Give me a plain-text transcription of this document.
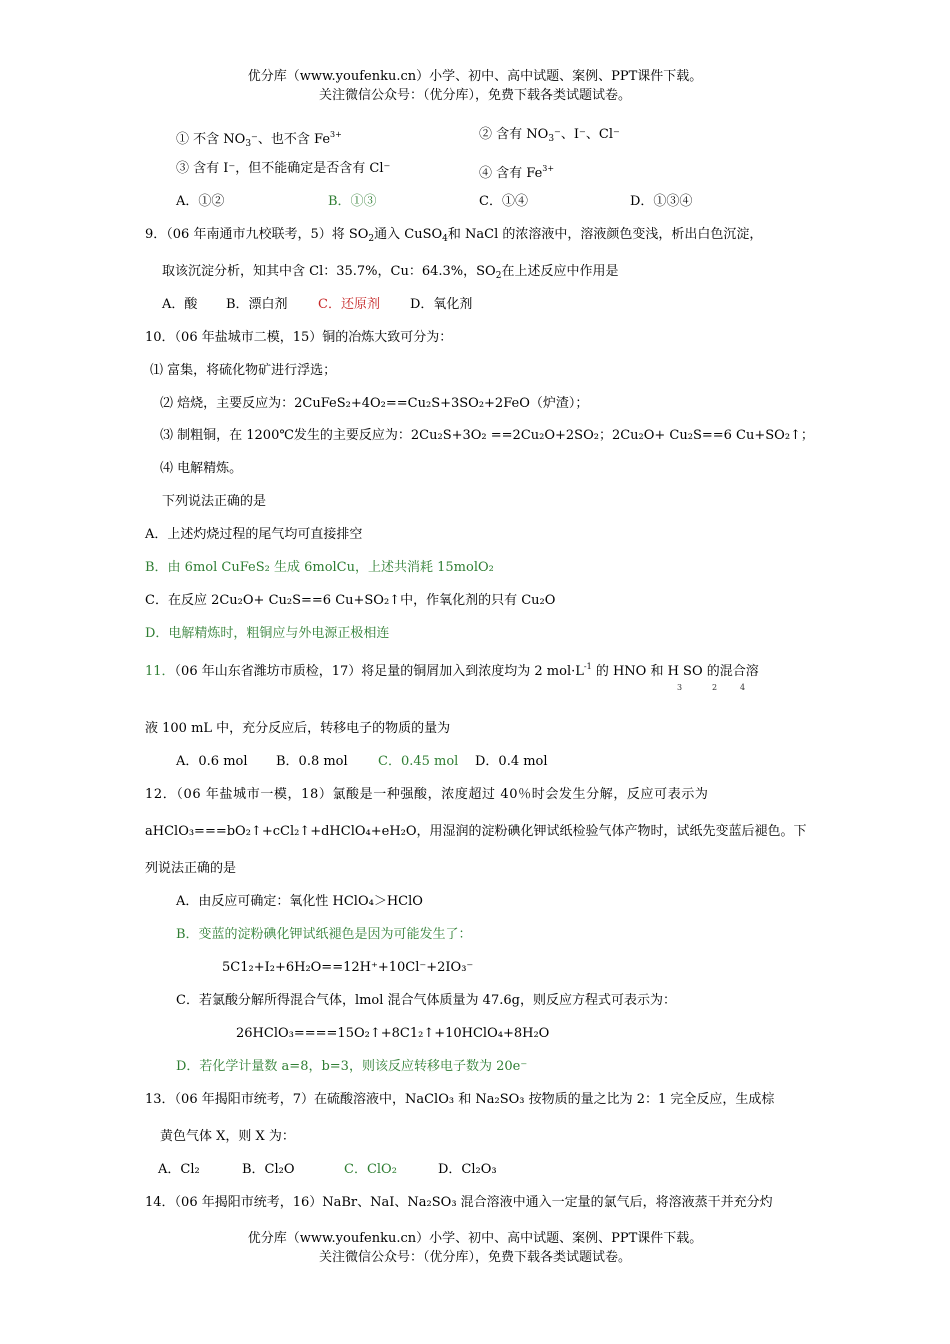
优分库（www.youfenku.cn）小学、初中、高中试题、案例、PPT课件下载。
关注微信公众号：（优分库），免费下载各类试题试卷。
① 不含 $NO_3^-$、也不含 $Fe^{3+}$	② 含有 $NO_3^-$、I⁻、Cl⁻
③ 含有 I⁻，但不能确定是否含有 Cl⁻	④ 含有 $Fe^{3+}$
A．①②	B．①③	C．①④	D．①③④
9．（06 年南通市九校联考，5）将 $SO_2$通入 CuSO$_4$和 NaCl 的浓溶液中，溶液颜色变浅，析出白色沉淀，
取该沉淀分析，知其中含 Cl：35.7%，Cu：64.3%，$SO_2$在上述反应中作用是
A．酸 B．漂白剂 C．还原剂 D．氧化剂
10．（06 年盐城市二模，15）铜的冶炼大致可分为：
⑴ 富集，将硫化物矿进行浮选；
⑵ 焙烧，主要反应为：2CuFeS₂+4O₂==Cu₂S+3SO₂+2FeO（炉渣）；
⑶ 制粗铜，在 1200℃发生的主要反应为：2Cu₂S+3O₂ ==2Cu₂O+2SO₂；2Cu₂O+ Cu₂S==6 Cu+SO₂↑；
⑷ 电解精炼。
下列说法正确的是
A．上述灼烧过程的尾气均可直接排空
B．由 6mol CuFeS₂ 生成 6molCu，上述共消耗 15molO₂
C．在反应 2Cu₂O+ Cu₂S==6 Cu+SO₂↑中，作氧化剂的只有 Cu₂O
D．电解精炼时，粗铜应与外电源正极相连
11．（06 年山东省潍坊市质检，17）将足量的铜屑加入到浓度均为 2 $mol\cdot L^{-1}$ 的 HNO 和 H SO 的混合溶
3	2	4
液 100 mL 中，充分反应后，转移电子的物质的量为
A．0.6 mol B．0.8 mol C．0.45 mol D．0.4 mol
12．（06 年盐城市一模，18）氯酸是一种强酸，浓度超过 40％时会发生分解，反应可表示为
aHClO₃===bO₂↑+cCl₂↑+dHClO₄+eH₂O，用湿润的淀粉碘化钾试纸检验气体产物时，试纸先变蓝后褪色。下
列说法正确的是
A．由反应可确定：氧化性 HClO₄＞HClO
B．变蓝的淀粉碘化钾试纸褪色是因为可能发生了：
5C1₂+I₂+6H₂O==12H⁺+10Cl⁻+2IO₃⁻
C．若氯酸分解所得混合气体，lmol 混合气体质量为 47.6g，则反应方程式可表示为：
26HClO₃====15O₂↑+8C1₂↑+10HClO₄+8H₂O
D．若化学计量数 a=8，b=3，则该反应转移电子数为 20e⁻
13．（06 年揭阳市统考，7）在硫酸溶液中，NaClO₃ 和 Na₂SO₃ 按物质的量之比为 2：1 完全反应，生成棕
黄色气体 X，则 X 为：
A．Cl₂	B．Cl₂O	C．ClO₂	D．Cl₂O₃
14．（06 年揭阳市统考，16）NaBr、NaI、Na₂SO₃ 混合溶液中通入一定量的氯气后，将溶液蒸干并充分灼
优分库（www.youfenku.cn）小学、初中、高中试题、案例、PPT课件下载。
关注微信公众号：（优分库），免费下载各类试题试卷。
